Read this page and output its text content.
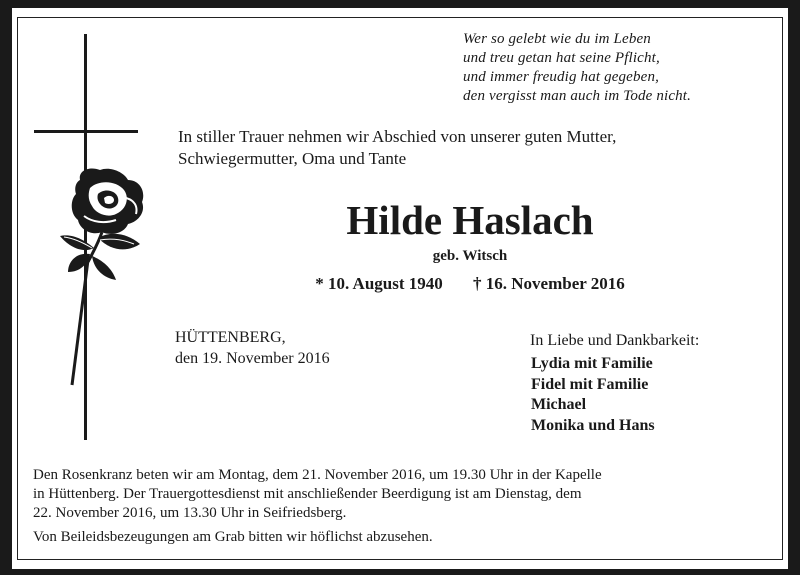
Wer so gelebt wie du im Leben
und treu getan hat seine Pflicht,
und immer freudig hat gegeben,
den vergisst man auch im Tode nicht.
In stiller Trauer nehmen wir Abschied von unserer guten Mutter,
Schwiegermutter, Oma und Tante
Hilde Haslach
geb. Witsch
* 10. August 1940 † 16. November 2016
HÜTTENBERG,
den 19. November 2016
In Liebe und Dankbarkeit:
Lydia mit Familie
Fidel mit Familie
Michael
Monika und Hans
Den Rosenkranz beten wir am Montag, dem 21. November 2016, um 19.30 Uhr in der Kapelle
in Hüttenberg. Der Trauergottesdienst mit anschließender Beerdigung ist am Dienstag, dem
22. November 2016, um 13.30 Uhr in Seifriedsberg.
Von Beileidsbezeugungen am Grab bitten wir höflichst abzusehen.
